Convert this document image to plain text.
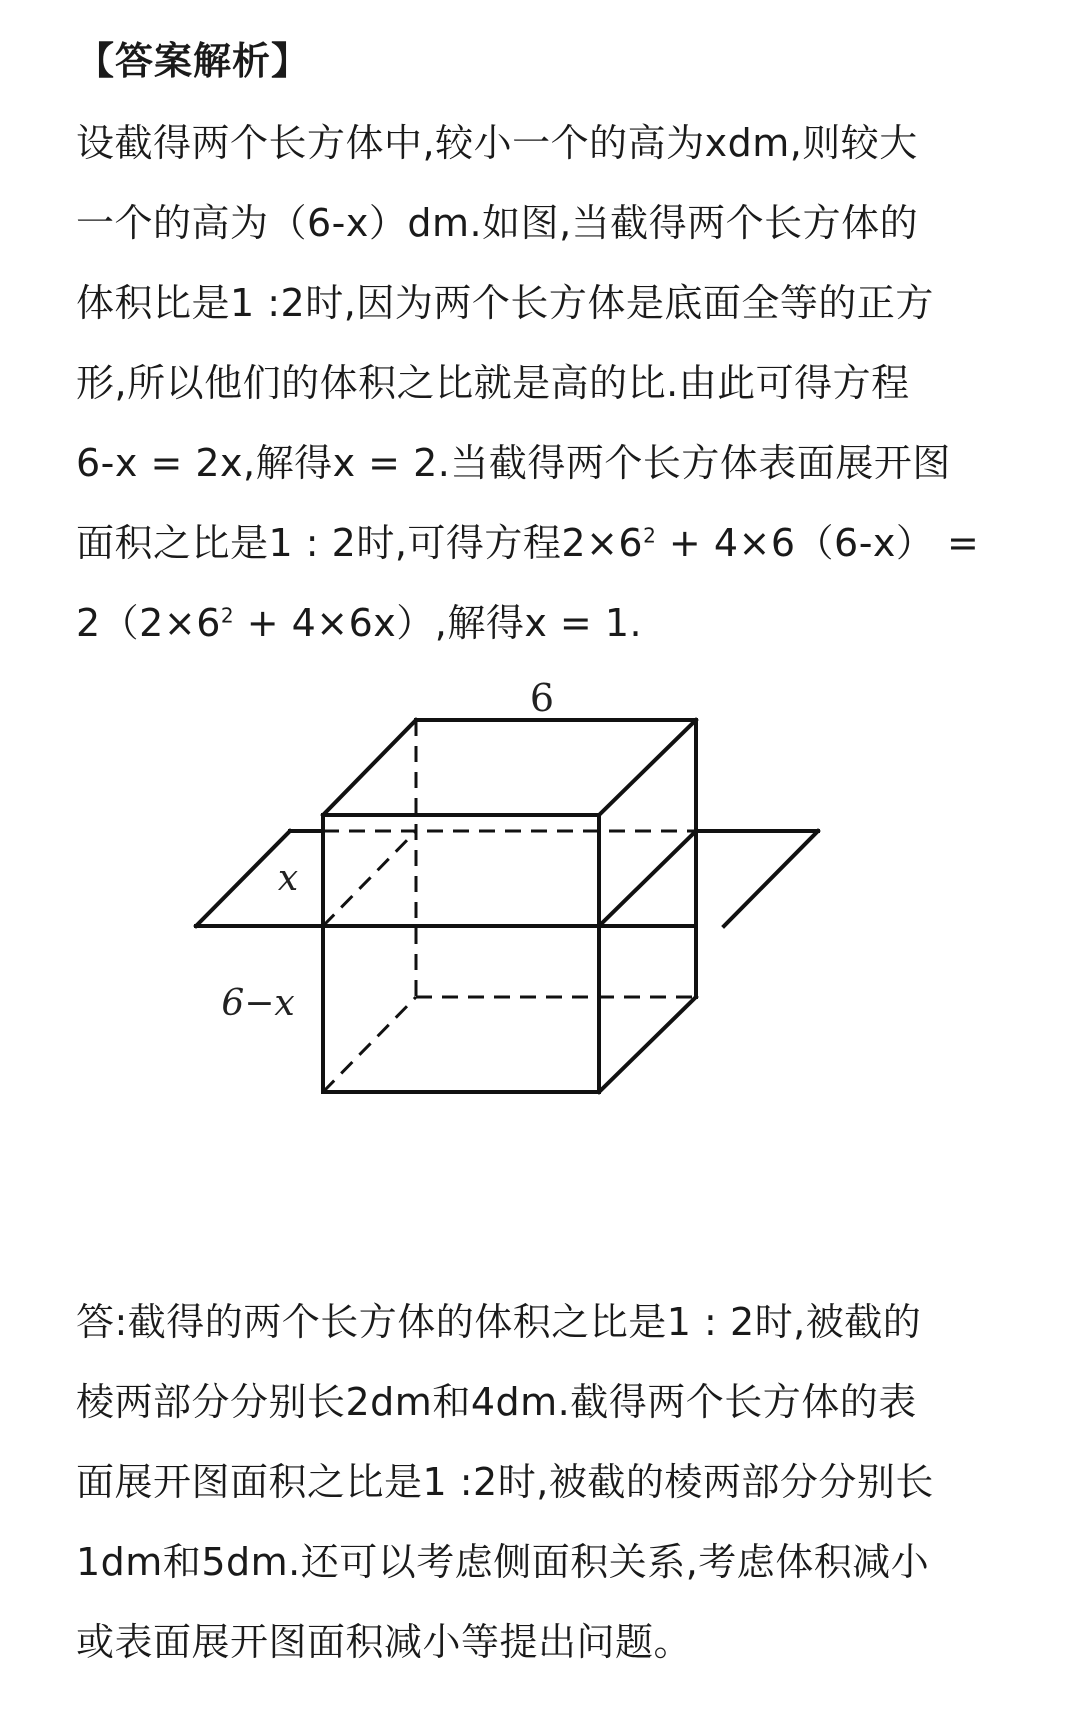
【答案解析】
设截得两个长方体中,较小一个的高为xdm,则较大
一个的高为（6-x）dm.如图,当截得两个长方体的
体积比是1 :2时,因为两个长方体是底面全等的正方
形,所以他们的体积之比就是高的比.由此可得方程
6-x = 2x,解得x = 2.当截得两个长方体表面展开图
面积之比是1 : 2时,可得方程$2\times 6^2 + 4\times 6(6-x)$ =
$2(2\times 6^2 + 4\times 6x)$,解得x = 1.
6
x
6−x
答:截得的两个长方体的体积之比是1 : 2时,被截的
棱两部分分别长2dm和4dm.截得两个长方体的表
面展开图面积之比是1 :2时,被截的棱两部分分别长
1dm和5dm.还可以考虑侧面积关系,考虑体积减小
或表面展开图面积减小等提出问题。
